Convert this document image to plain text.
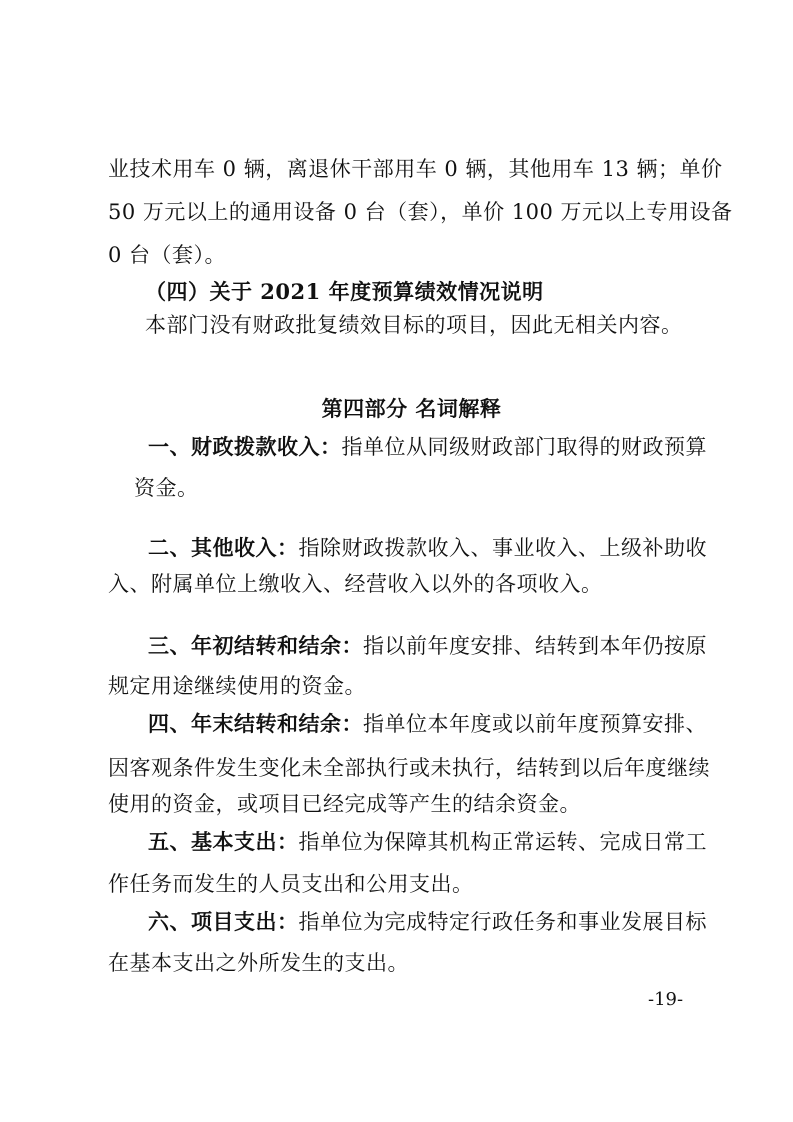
业技术用车 0 辆，离退休干部用车 0 辆，其他用车 13 辆；单价
50 万元以上的通用设备 0 台（套），单价 100 万元以上专用设备
0 台（套）。
（四）关于 2021 年度预算绩效情况说明
本部门没有财政批复绩效目标的项目，因此无相关内容。
第四部分 名词解释
一、财政拨款收入：指单位从同级财政部门取得的财政预算
资金。
二、其他收入：指除财政拨款收入、事业收入、上级补助收
入、附属单位上缴收入、经营收入以外的各项收入。
三、年初结转和结余：指以前年度安排、结转到本年仍按原
规定用途继续使用的资金。
四、年末结转和结余：指单位本年度或以前年度预算安排、
因客观条件发生变化未全部执行或未执行，结转到以后年度继续
使用的资金，或项目已经完成等产生的结余资金。
五、基本支出：指单位为保障其机构正常运转、完成日常工
作任务而发生的人员支出和公用支出。
六、项目支出：指单位为完成特定行政任务和事业发展目标
在基本支出之外所发生的支出。
-19-
